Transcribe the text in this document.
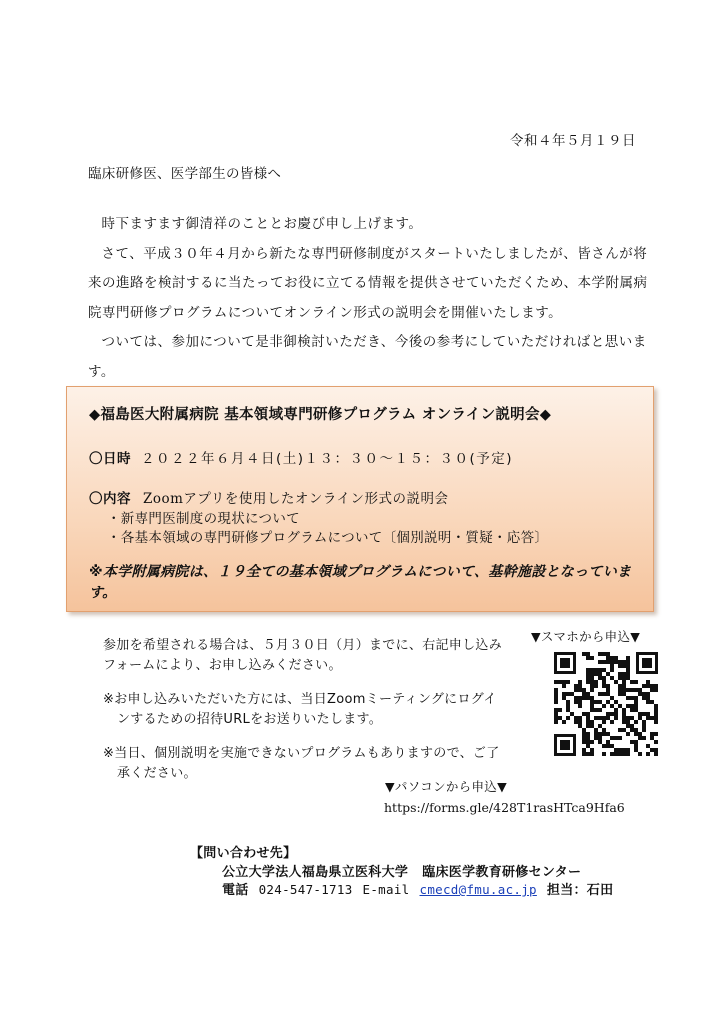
令和４年５月１９日
臨床研修医、医学部生の皆様へ

時下ますます御清祥のこととお慶び申し上げます。

さて、平成３０年４月から新たな専門研修制度がスタートいたしましたが、皆さんが将来の進路を検討するに当たってお役に立てる情報を提供させていただくため、本学附属病院専門研修プログラムについてオンライン形式の説明会を開催いたします。

ついては、参加について是非御検討いただき、今後の参考にしていただければと思います。

◆福島医大附属病院 基本領域専門研修プログラム オンライン説明会◆
〇日時 ２０２２年６月４日(土)１３：３０～１５：３０(予定)
〇内容 Zoomアプリを使用したオンライン形式の説明会
・新専門医制度の現状について
・各基本領域の専門研修プログラムについて〔個別説明・質疑・応答〕
※本学附属病院は、１９全ての基本領域プログラムについて、基幹施設となっています。
参加を希望される場合は、５月３０日（月）までに、右記申し込みフォームにより、お申し込みください。
※お申し込みいただいた方には、当日Zoomミーティングにログインするための招待URLをお送りいたします。
※当日、個別説明を実施できないプログラムもありますので、ご了承ください。
▼スマホから申込▼
▼パソコンから申込▼
https://forms.gle/428T1rasHTca9Hfa6
【問い合わせ先】
公立大学法人福島県立医科大学 臨床医学教育研修センター
電話 024-547-1713 E-mail cmecd@fmu.ac.jp 担当：石田
